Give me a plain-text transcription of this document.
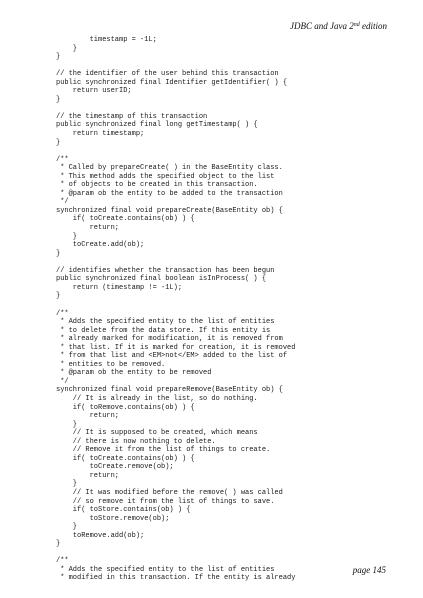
JDBC and Java 2nd edition
timestamp = -1L;
}
}
// the identifier of the user behind this transaction
public synchronized final Identifier getIdentifier( ) {
return userID;
}
// the timestamp of this transaction
public synchronized final long getTimestamp( ) {
return timestamp;
}
/**
* Called by prepareCreate( ) in the BaseEntity class.
* This method adds the specified object to the list
* of objects to be created in this transaction.
* @param ob the entity to be added to the transaction
*/
synchronized final void prepareCreate(BaseEntity ob) {
if( toCreate.contains(ob) ) {
return;
}
toCreate.add(ob);
}
// identifies whether the transaction has been begun
public synchronized final boolean isInProcess( ) {
return (timestamp != -1L);
}
/**
* Adds the specified entity to the list of entities
* to delete from the data store. If this entity is
* already marked for modification, it is removed from
* that list. If it is marked for creation, it is removed
* from that list and <EM>not</EM> added to the list of
* entities to be removed.
* @param ob the entity to be removed
*/
synchronized final void prepareRemove(BaseEntity ob) {
// It is already in the list, so do nothing.
if( toRemove.contains(ob) ) {
return;
}
// It is supposed to be created, which means
// there is now nothing to delete.
// Remove it from the list of things to create.
if( toCreate.contains(ob) ) {
toCreate.remove(ob);
return;
}
// It was modified before the remove( ) was called
// so remove it from the list of things to save.
if( toStore.contains(ob) ) {
toStore.remove(ob);
}
toRemove.add(ob);
}
/**
* Adds the specified entity to the list of entities
* modified in this transaction. If the entity is already
page 145
